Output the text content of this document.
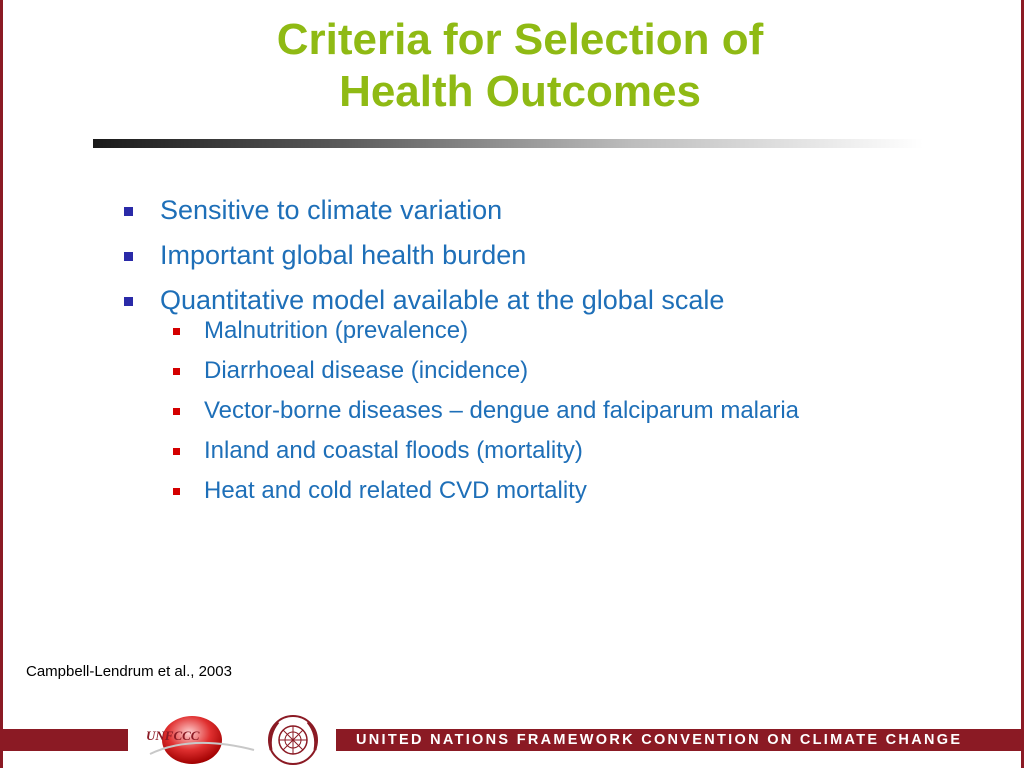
Criteria for Selection of
Health Outcomes
Sensitive to climate variation
Important global health burden
Quantitative model available at the global scale
Malnutrition (prevalence)
Diarrhoeal disease (incidence)
Vector-borne diseases – dengue and falciparum malaria
Inland and coastal floods (mortality)
Heat and cold related CVD mortality
Campbell-Lendrum et al., 2003
UNFCCC	UNITED NATIONS FRAMEWORK CONVENTION ON CLIMATE CHANGE
